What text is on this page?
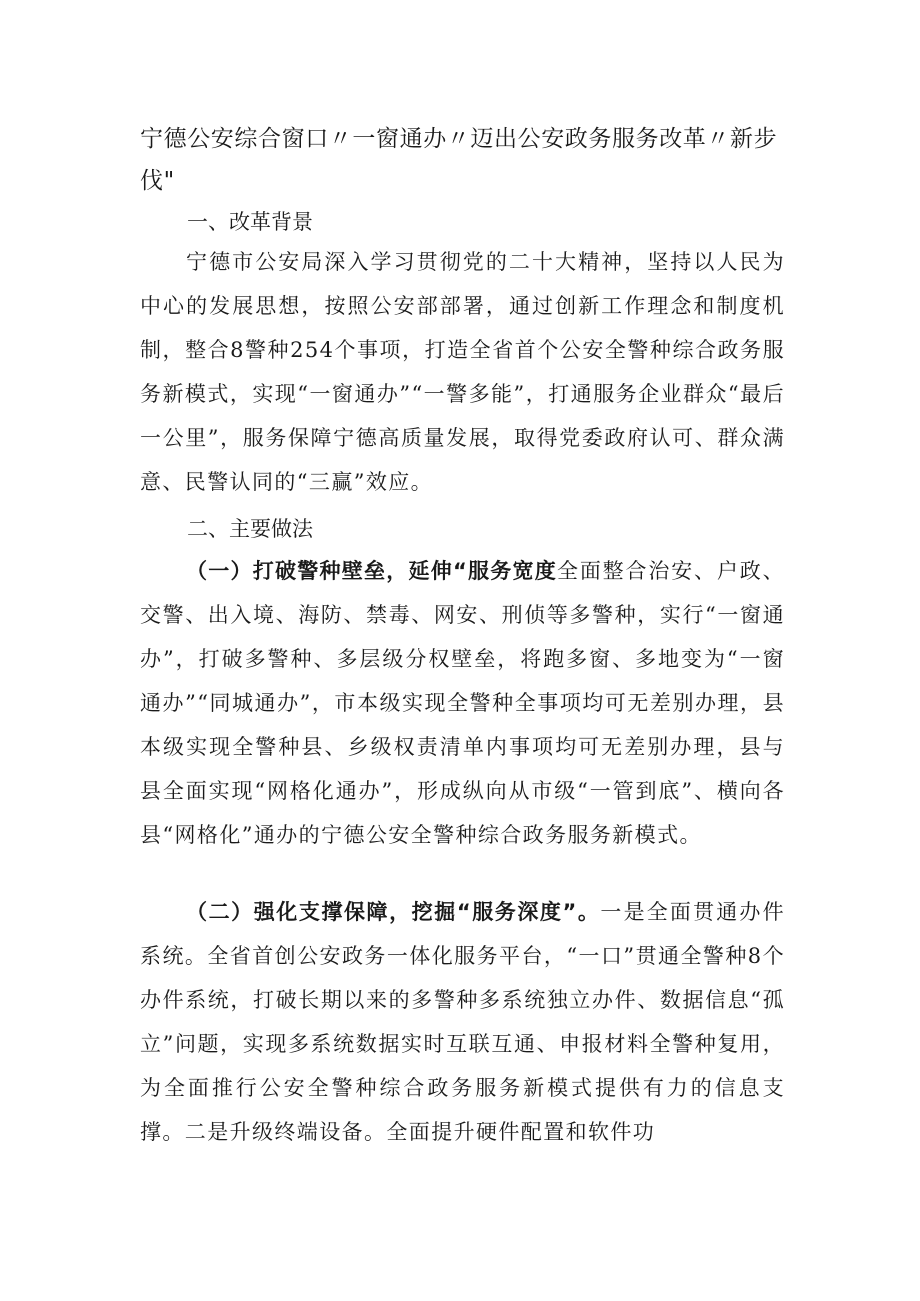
宁德公安综合窗口〃一窗通办〃迈出公安政务服务改革〃新步伐"
一、改革背景

宁德市公安局深入学习贯彻党的二十大精神，坚持以人民为中心的发展思想，按照公安部部署，通过创新工作理念和制度机制，整合8警种254个事项，打造全省首个公安全警种综合政务服务新模式，实现“一窗通办”“一警多能”，打通服务企业群众“最后一公里”，服务保障宁德高质量发展，取得党委政府认可、群众满意、民警认同的“三赢”效应。

二、主要做法

（一）打破警种壁垒，延伸“服务宽度全面整合治安、户政、交警、出入境、海防、禁毒、网安、刑侦等多警种，实行“一窗通办”，打破多警种、多层级分权壁垒，将跑多窗、多地变为“一窗通办”“同城通办”，市本级实现全警种全事项均可无差别办理，县本级实现全警种县、乡级权责清单内事项均可无差别办理，县与县全面实现“网格化通办”，形成纵向从市级“一管到底”、横向各县“网格化”通办的宁德公安全警种综合政务服务新模式。

（二）强化支撑保障，挖掘“服务深度”。一是全面贯通办件系统。全省首创公安政务一体化服务平台，“一口”贯通全警种8个办件系统，打破长期以来的多警种多系统独立办件、数据信息“孤立”问题，实现多系统数据实时互联互通、申报材料全警种复用，为全面推行公安全警种综合政务服务新模式提供有力的信息支撑。二是升级终端设备。全面提升硬件配置和软件功
